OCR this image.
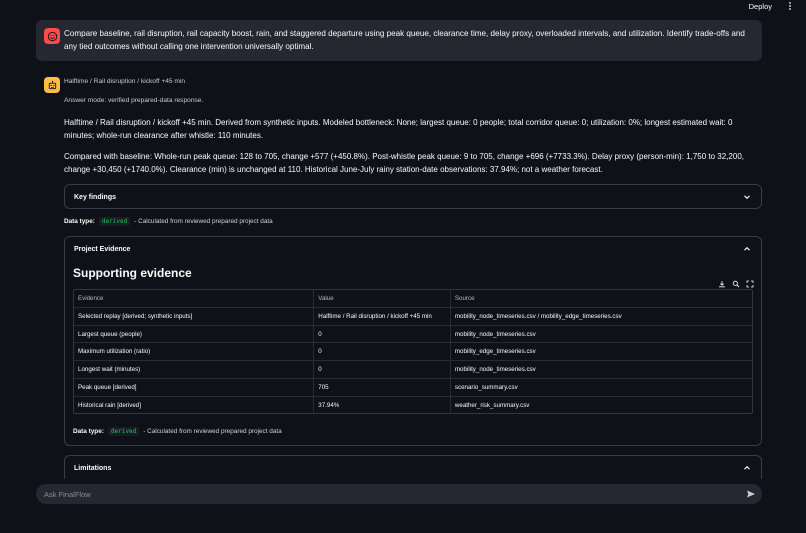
Deploy
Compare baseline, rail disruption, rail capacity boost, rain, and staggered departure using peak queue, clearance time, delay proxy, overloaded intervals, and utilization. Identify trade-offs and any tied outcomes without calling one intervention universally optimal.
Halftime / Rail disruption / kickoff +45 min
Answer mode: verified prepared-data response.
Halftime / Rail disruption / kickoff +45 min. Derived from synthetic inputs. Modeled bottleneck: None; largest queue: 0 people; total corridor queue: 0; utilization: 0%; longest estimated wait: 0 minutes; whole-run clearance after whistle: 110 minutes.
Compared with baseline: Whole-run peak queue: 128 to 705, change +577 (+450.8%). Post-whistle peak queue: 9 to 705, change +696 (+7733.3%). Delay proxy (person-min): 1,750 to 32,200, change +30,450 (+1740.0%). Clearance (min) is unchanged at 110. Historical June-July rainy station-date observations: 37.94%; not a weather forecast.
Key findings
Data type:	derived	- Calculated from reviewed prepared project data
Project Evidence
Supporting evidence
Evidence	Value	Source
Selected replay [derived; synthetic inputs]	Halftime / Rail disruption / kickoff +45 min	mobility_node_timeseries.csv / mobility_edge_timeseries.csv
Largest queue (people)	0	mobility_node_timeseries.csv
Maximum utilization (ratio)	0	mobility_edge_timeseries.csv
Longest wait (minutes)	0	mobility_node_timeseries.csv
Peak queue [derived]	705	scenario_summary.csv
Historical rain [derived]	37.94%	weather_risk_summary.csv
Data type:	derived	- Calculated from reviewed prepared project data
Limitations
Ask FinalFlow
